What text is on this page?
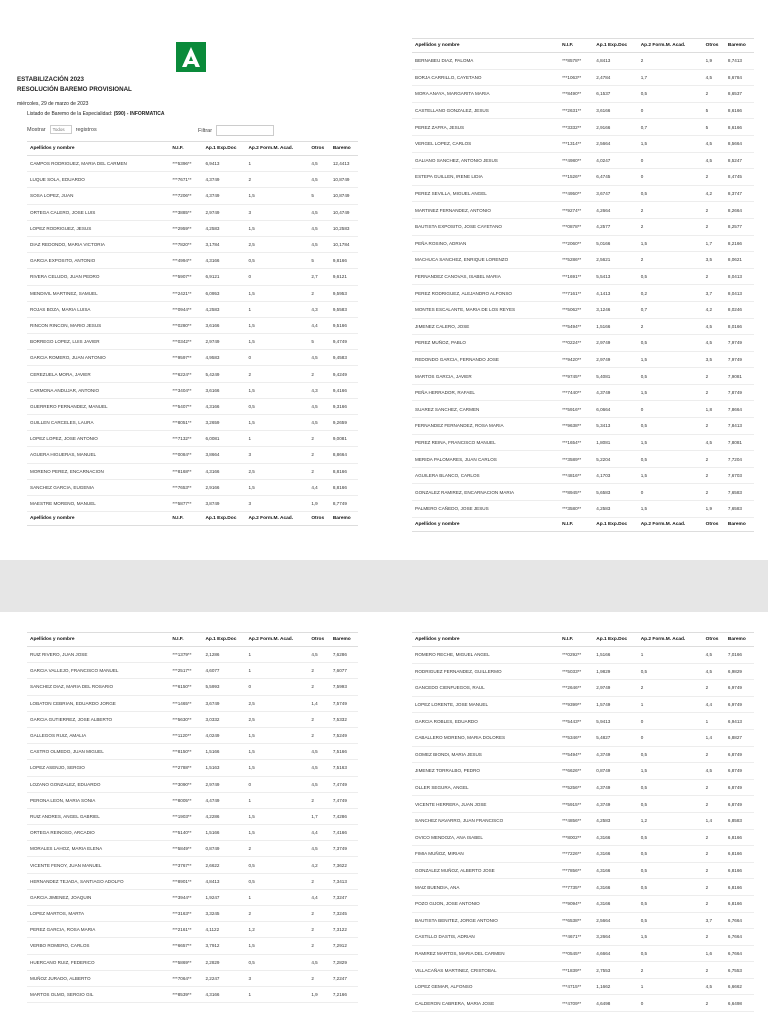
ESTABILIZACIÓN 2023
RESOLUCIÓN BAREMO PROVISIONAL
miércoles, 29 de marzo de 2023
Listado de Baremo de la Especialidad: (590) - INFORMATICA
Mostrar	Todos	registros	Filtrar
Apellidos y nombre	N.I.F.	Ap.1 Exp.Doc	Ap.2 Form.M. Acad.	Otros	Baremo
CAMPOS RODRIGUEZ, MARIA DEL CARMEN	***5396**	6,9413	1	4,5	12,4413
LUQUE SOLA, EDUARDO	***7671**	4,3749	2	4,5	10,8749
SOSA LOPEZ, JUAN	***7206**	4,3749	1,5	5	10,8749
ORTEGA CALERO, JOSE LUIS	***3885**	2,9749	3	4,5	10,4749
LOPEZ RODRIGUEZ, JESUS	***2959**	4,2583	1,5	4,5	10,2583
DIAZ REDONDO, MARIA VICTORIA	***7820**	3,1784	2,5	4,5	10,1784
GARCIA EXPOSITO, ANTONIO	***4994**	4,3166	0,5	5	9,8166
RIVERA CELUDO, JUAN PEDRO	***5907**	6,9121	0	2,7	9,6121
MENDIVIL MARTINEZ, SAMUEL	***2421**	6,0953	1,5	2	9,5953
ROJAS BOZA, MARIA LUISA	***0944**	4,2583	1	4,3	9,5583
RINCON RINCON, MARIO JESUS	***0280**	3,6166	1,5	4,4	9,5166
BORREGO LOPEZ, LUIS JAVIER	***0342**	2,9749	1,5	5	9,4749
GARCIA ROMERO, JUAN ANTONIO	***9597**	4,9583	0	4,5	9,4583
CEREZUELA MORA, JAVIER	***6224**	5,4249	2	2	9,4249
CARMONA ANDUJAR, ANTONIO	***3404**	3,6166	1,5	4,3	9,4166
GUERRERO FERNANDEZ, MANUEL	***5407**	4,3166	0,5	4,5	9,3166
GUILLEN CARCELES, LAURA	***8051**	3,2659	1,5	4,5	9,2659
LOPEZ LOPEZ, JOSE ANTONIO	***7132**	6,0081	1	2	9,0081
AGUERA HIGUERAS, MANUEL	***0084**	3,8664	3	2	8,8664
MORENO PEREZ, ENCARNACION	***8168**	4,3166	2,5	2	8,8166
SANCHEZ GARCIA, EUGENIA	***7653**	2,9166	1,5	4,4	8,8166
MAESTRE MORENO, MANUEL	***5877**	3,8749	3	1,9	8,7749
Apellidos y nombre	N.I.F.	Ap.1 Exp.Doc	Ap.2 Form.M. Acad.	Otros	Baremo
Apellidos y nombre	N.I.F.	Ap.1 Exp.Doc	Ap.2 Form.M. Acad.	Otros	Baremo
BERNABEU DIAZ, PALOMA	***8578**	4,8413	2	1,9	8,7413
BORJA CARRILLO, CAYETANO	***1063**	2,4784	1,7	4,5	8,6784
MORA ANAYA, MARGARITA MARIA	***8490**	6,1537	0,5	2	8,6537
CASTELLANO GONZALEZ, JESUS	***2631**	3,6166	0	5	8,6166
PEREZ ZAFRA, JESUS	***3332**	2,9166	0,7	5	8,6166
VERGEL LOPEZ, CARLOS	***1314**	2,5664	1,5	4,5	8,5664
GALIANO SANCHEZ, ANTONIO JESUS	***4980**	4,0247	0	4,5	8,5247
ESTEPA GUILLEN, IRENE LIDIA	***1526**	6,4745	0	2	8,4745
PEREZ SEVILLA, MIGUEL ANGEL	***4950**	3,6747	0,5	4,2	8,3747
MARTINEZ FERNANDEZ, ANTONIO	***9274**	4,2664	2	2	8,2664
BAUTISTA EXPOSITO, JOSE CAYETANO	***0878**	4,2577	2	2	8,2577
PEÑA ROSINO, ADRIAN	***2060**	5,0166	1,5	1,7	8,2166
MACHUCA SANCHEZ, ENRIQUE LORENZO	***5286**	2,5621	2	3,5	8,0621
FERNANDEZ CANOVAS, ISABEL MARIA	***1691**	5,5413	0,5	2	8,0413
PEREZ RODRIGUEZ, ALEJANDRO ALFONSO	***7161**	4,1413	0,2	3,7	8,0413
MONTES ESCALANTE, MARIA DE LOS REYES	***5062**	3,1246	0,7	4,2	8,0246
JIMENEZ CALERO, JOSE	***5494**	1,5166	2	4,5	8,0166
PEREZ MUÑOZ, PABLO	***0224**	2,9749	0,5	4,5	7,9749
REDONDO GARCIA, FERNANDO JOSE	***9420**	2,9749	1,5	3,5	7,9749
MARTOS GARCIA, JAVIER	***9745**	5,4081	0,5	2	7,9081
PEÑA HERRADOR, RAFAEL	***7440**	4,3749	1,5	2	7,8749
SUAREZ SANCHEZ, CARMEN	***5916**	6,0664	0	1,8	7,8664
FERNANDEZ FERNANDEZ, ROSA MARIA	***9638**	5,3413	0,5	2	7,8413
PEREZ REINA, FRANCISCO MANUEL	***1654**	1,8081	1,5	4,5	7,8081
MERIDA PALOMARES, JUAN CARLOS	***3589**	5,2204	0,5	2	7,7204
AGUILERA BLANCO, CARLOS	***4816**	4,1703	1,5	2	7,6703
GONZALEZ RAMIREZ, ENCARNACION MARIA	***8945**	5,6583	0	2	7,6583
PALMERO CAÑEDO, JOSE JESUS	***3580**	4,2583	1,5	1,9	7,6583
Apellidos y nombre	N.I.F.	Ap.1 Exp.Doc	Ap.2 Form.M. Acad.	Otros	Baremo
Apellidos y nombre	N.I.F.	Ap.1 Exp.Doc	Ap.2 Form.M. Acad.	Otros	Baremo
RUIZ RIVERO, JUAN JOSE	***1379**	2,1286	1	4,5	7,6286
GARCIA VALLEJO, FRANCISCO MANUEL	***2517**	4,6077	1	2	7,6077
SANCHEZ DIAZ, MARIA DEL ROSARIO	***6150**	5,5993	0	2	7,5993
LOBATON CEBRIAN, EDUARDO JORGE	***1465**	3,6749	2,5	1,4	7,5749
GARCIA GUTIERREZ, JOSE ALBERTO	***5630**	3,0332	2,5	2	7,5332
GALLEGOS RUIZ, AMALIA	***1120**	4,0249	1,5	2	7,5249
CASTRO OLMEDO, JUAN MIGUEL	***8150**	1,5166	1,5	4,5	7,5166
LOPEZ ASENJO, SERGIO	***2788**	1,5163	1,5	4,5	7,5163
LOZANO GONZALEZ, EDUARDO	***3090**	2,9749	0	4,5	7,4749
PERONA LEON, MARIA SONIA	***8005**	4,4749	1	2	7,4749
RUIZ ANDRES, ANGEL GABRIEL	***1903**	4,2286	1,5	1,7	7,4286
ORTEGA REINOSO, ARCADIO	***5140**	1,5166	1,5	4,4	7,4166
MORALES LAHOZ, MARIA ELENA	***5849**	0,8749	2	4,5	7,3749
VICENTE FENOY, JUAN MANUEL	***3767**	2,6622	0,5	4,2	7,3622
HERNANDEZ TEJADA, SANTIAGO ADOLFO	***8901**	4,8413	0,5	2	7,3413
GARCIA JIMENEZ, JOAQUIN	***3944**	1,9247	1	4,4	7,3247
LOPEZ MARTOS, MARTA	***3163**	3,3245	2	2	7,3245
PEREZ GARCIA, ROSA MARIA	***2161**	4,1122	1,2	2	7,3122
VERBO ROMERO, CARLOS	***6657**	3,7912	1,5	2	7,2912
HUERCANO RUIZ, FEDERICO	***5869**	2,2829	0,5	4,5	7,2829
MUÑOZ JURADO, ALBERTO	***7064**	2,2247	3	2	7,2247
MARTOS OLMO, SERGIO GIL	***8539**	4,3166	1	1,9	7,2166
Apellidos y nombre	N.I.F.	Ap.1 Exp.Doc	Ap.2 Form.M. Acad.	Otros	Baremo
ROMERO RECHE, MIGUEL ANGEL	***0292**	1,5166	1	4,5	7,0166
RODRIGUEZ FERNANDEZ, GUILLERMO	***5033**	1,9829	0,5	4,5	6,9829
GANCEDO CIENFUEGOS, RAUL	***2646**	2,9749	2	2	6,9749
LOPEZ LORENTE, JOSE MANUEL	***9399**	1,5749	1	4,4	6,9749
GARCIA ROBLES, EDUARDO	***5443**	5,9413	0	1	6,9413
CABALLERO MORENO, MARIA DOLORES	***5346**	5,4827	0	1,4	6,8827
GOMEZ BIONDI, MARIA JESUS	***5494**	4,3749	0,5	2	6,8749
JIMENEZ TORRALBO, PEDRO	***6626**	0,8749	1,5	4,5	6,8749
OLLER SEGURA, ANGEL	***5256**	4,3749	0,5	2	6,8749
VICENTE HERRERA, JUAN JOSE	***5915**	4,3749	0,5	2	6,8749
SANCHEZ NAVARRO, JUAN FRANCISCO	***4856**	4,2583	1,2	1,4	6,8583
OVICO MENDOZA, ANA ISABEL	***8002**	4,3166	0,5	2	6,8166
FIMIA MUÑOZ, MIRIAN	***7226**	4,3166	0,5	2	6,8166
GONZALEZ MUÑOZ, ALBERTO JOSE	***7856**	4,3166	0,5	2	6,8166
MAIZ BUENDIA, ANA	***7735**	4,3166	0,5	2	6,8166
POZO GIJON, JOSE ANTONIO	***9094**	4,3166	0,5	2	6,8166
BAUTISTA BENITEZ, JORGE ANTONIO	***6538**	2,5664	0,5	3,7	6,7664
CASTILLO DASTIS, ADRIAN	***4671**	3,2664	1,5	2	6,7664
RAMIREZ MARTOS, MARIA DEL CARMEN	***0545**	4,6664	0,5	1,6	6,7664
VILLACAÑAS MARTINEZ, CRISTOBAL	***1839**	2,7553	2	2	6,7553
LOPEZ GEMAR, ALFONSO	***4715**	1,1662	1	4,5	6,6662
CALDERON CABRERA, MARIA JOSE	***4709**	4,6498	0	2	6,6498
